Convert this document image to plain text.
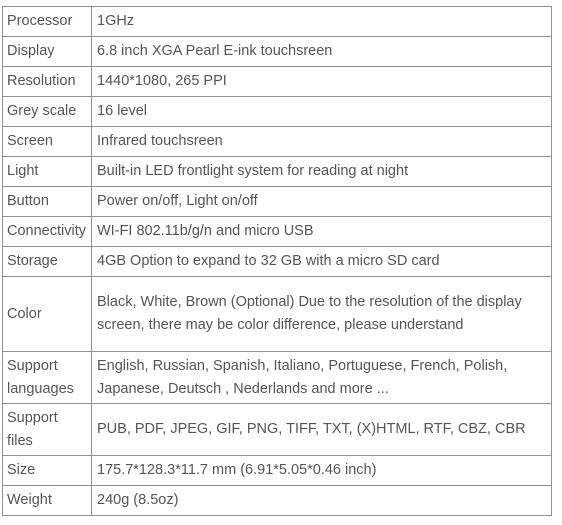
Processor	1GHz
Display	6.8 inch XGA Pearl E-ink touchsreen
Resolution	1440*1080, 265 PPI
Grey scale	16 level
Screen	Infrared touchsreen
Light	Built-in LED frontlight system for reading at night
Button	Power on/off, Light on/off
Connectivity	WI-FI 802.11b/g/n and micro USB
Storage	4GB Option to expand to 32 GB with a micro SD card
Color	Black, White, Brown (Optional) Due to the resolution of the display screen, there may be color difference, please understand
Support languages	English, Russian, Spanish, Italiano, Portuguese, French, Polish, Japanese, Deutsch , Nederlands and more ...
Support files	PUB, PDF, JPEG, GIF, PNG, TIFF, TXT, (X)HTML, RTF, CBZ, CBR
Size	175.7*128.3*11.7 mm (6.91*5.05*0.46 inch)
Weight	240g (8.5oz)
